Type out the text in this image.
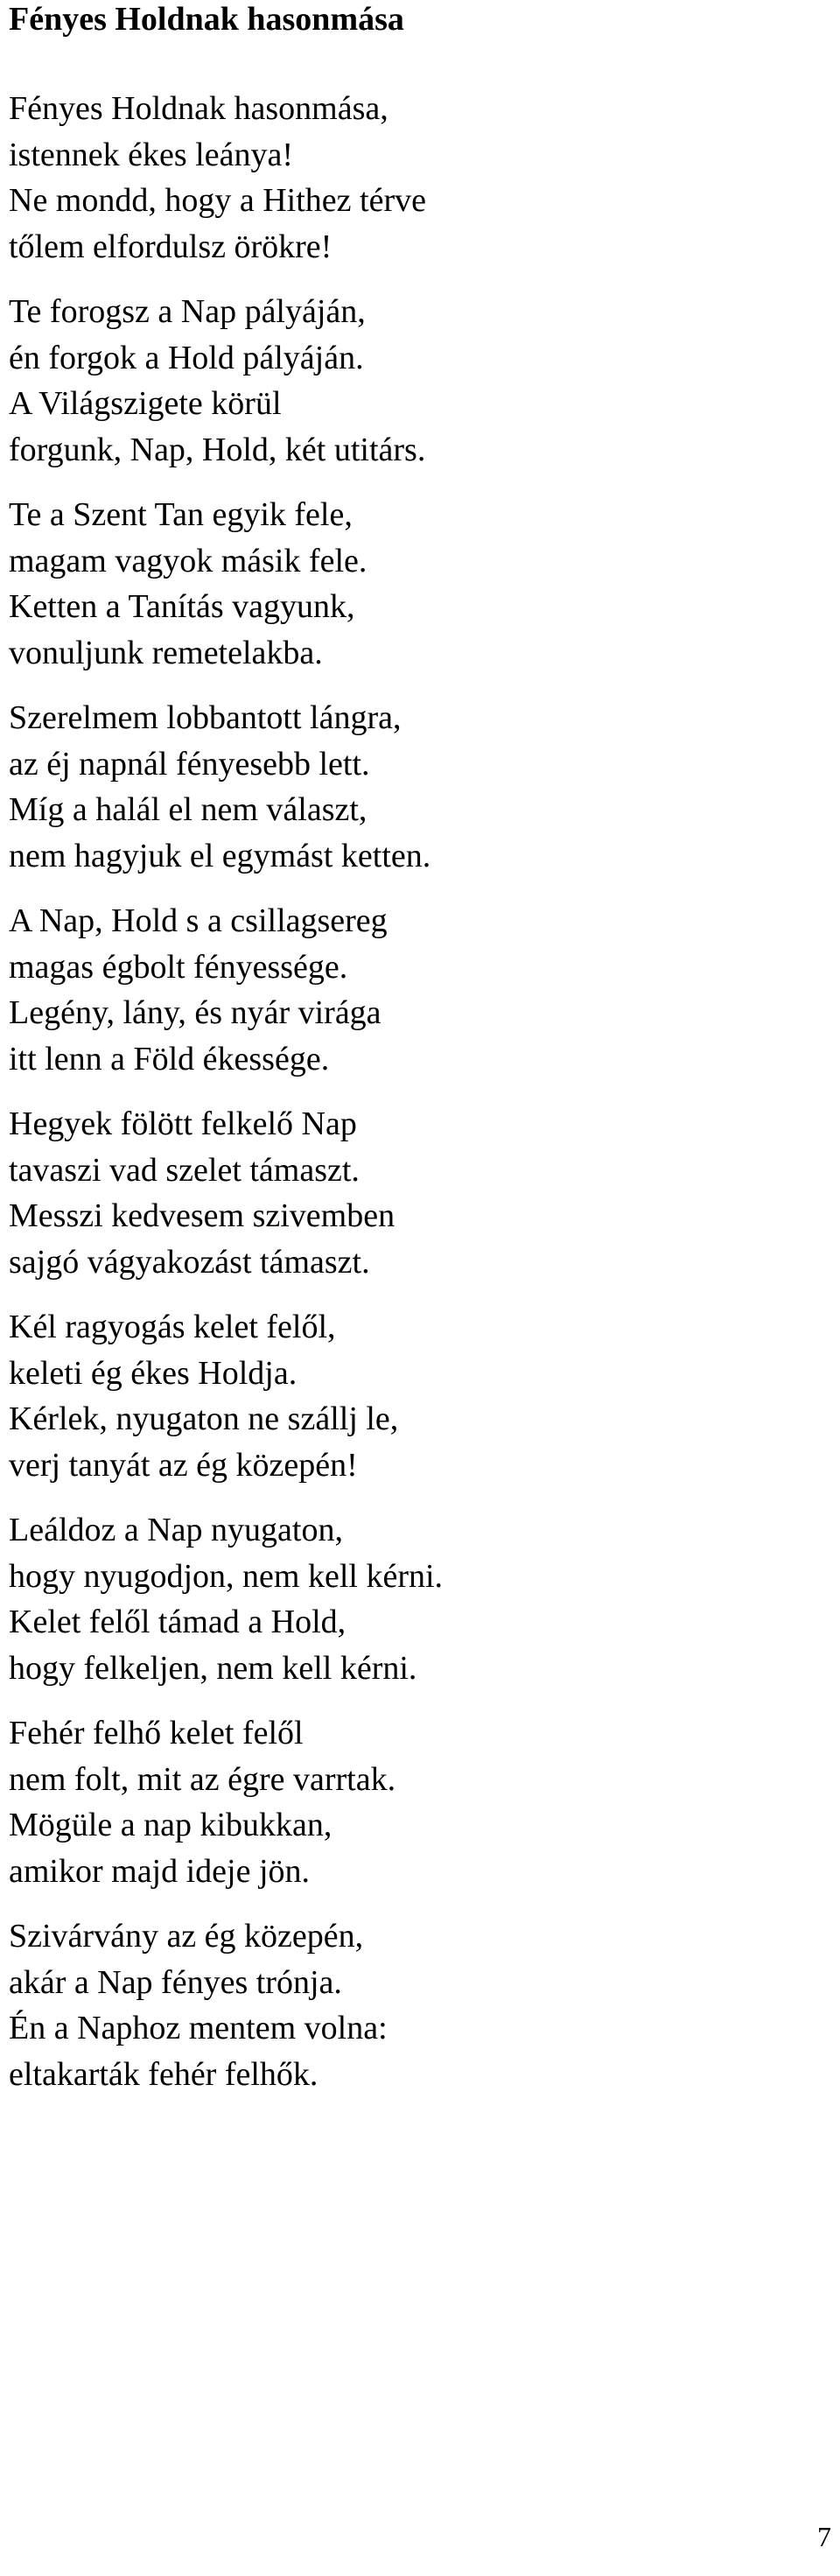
Fényes Holdnak hasonmása

Fényes Holdnak hasonmása,

istennek ékes leánya!

Ne mondd, hogy a Hithez térve

tőlem elfordulsz örökre!

Te forogsz a Nap pályáján,

én forgok a Hold pályáján.

A Világszigete körül

forgunk, Nap, Hold, két utitárs.

Te a Szent Tan egyik fele,

magam vagyok másik fele.

Ketten a Tanítás vagyunk,

vonuljunk remetelakba.

Szerelmem lobbantott lángra,

az éj napnál fényesebb lett.

Míg a halál el nem választ,

nem hagyjuk el egymást ketten.

A Nap, Hold s a csillagsereg

magas égbolt fényessége.

Legény, lány, és nyár virága

itt lenn a Föld ékessége.

Hegyek fölött felkelő Nap

tavaszi vad szelet támaszt.

Messzi kedvesem szivemben

sajgó vágyakozást támaszt.

Kél ragyogás kelet felől,

keleti ég ékes Holdja.

Kérlek, nyugaton ne szállj le,

verj tanyát az ég közepén!

Leáldoz a Nap nyugaton,

hogy nyugodjon, nem kell kérni.

Kelet felől támad a Hold,

hogy felkeljen, nem kell kérni.

Fehér felhő kelet felől

nem folt, mit az égre varrtak.

Mögüle a nap kibukkan,

amikor majd ideje jön.

Szivárvány az ég közepén,

akár a Nap fényes trónja.

Én a Naphoz mentem volna:

eltakarták fehér felhők.

7
